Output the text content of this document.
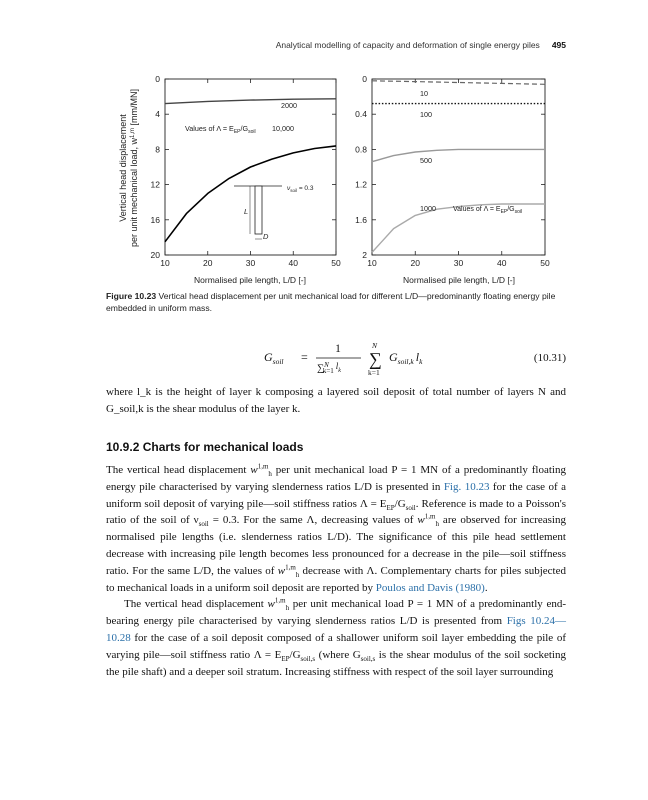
Analytical modelling of capacity and deformation of single energy piles 495
Vertical head displacement per unit mechanical load, $w^{1,m}$ [mm/MN]
10	20	30	40	50
0
4
8
12
16
20
2000
10,000
Values of $\Lambda = E_{EP}/G_{soil}$
L
D
$\nu_{soil} = 0.3$
10	20	30	40	50
0
0.4
0.8
1.2
1.6
2
10
100
500
1000 Values of $\Lambda = E_{EP}/G_{soil}$
Normalised pile length, L/D [-]	Normalised pile length, L/D [-]
Figure 10.23 Vertical head displacement per unit mechanical load for different L/D—predominantly floating energy pile embedded in uniform mass.
$G_{soil}$ =
1
∑$^N$ k=1 $l_k$
∑
N
k=1
$G_{soil,k}$ $l_k$	(10.31)

where l_k is the height of layer k composing a layered soil deposit of total number of layers N and G_soil,k is the shear modulus of the layer k.

10.9.2 Charts for mechanical loads

The vertical head displacement $w^{1,m}_h$ per unit mechanical load P = 1 MN of a predominantly floating energy pile characterised by varying slenderness ratios L/D is presented in Fig. 10.23 for the case of a uniform soil deposit of varying pile—soil stiffness ratios $\Lambda = E_{EP}/G_{soil}$. Reference is made to a Poisson's ratio of the soil of $\nu_{soil} = 0.3$. For the same Λ, decreasing values of $w^{1,m}_h$ are observed for increasing normalised pile lengths (i.e. slenderness ratios L/D). The significance of this pile head settlement decrease with increasing pile length becomes less pronounced for a decrease in the pile—soil stiffness ratio. For the same L/D, the values of $w^{1,m}_h$ decrease with Λ. Complementary charts for piles subjected to mechanical loads in a uniform soil deposit are reported by Poulos and Davis (1980).

The vertical head displacement $w^{1,m}_h$ per unit mechanical load P = 1 MN of a predominantly end-bearing energy pile characterised by varying slenderness ratios L/D is presented from Figs 10.24—10.28 for the case of a soil deposit composed of a shallower uniform soil layer embedding the pile of varying pile—soil stiffness ratio $\Lambda = E_{EP}/G_{soil,s}$ (where $G_{soil,s}$ is the shear modulus of the soil socketing the pile shaft) and a deeper soil stratum. Increasing stiffness with respect of the soil layer surrounding
